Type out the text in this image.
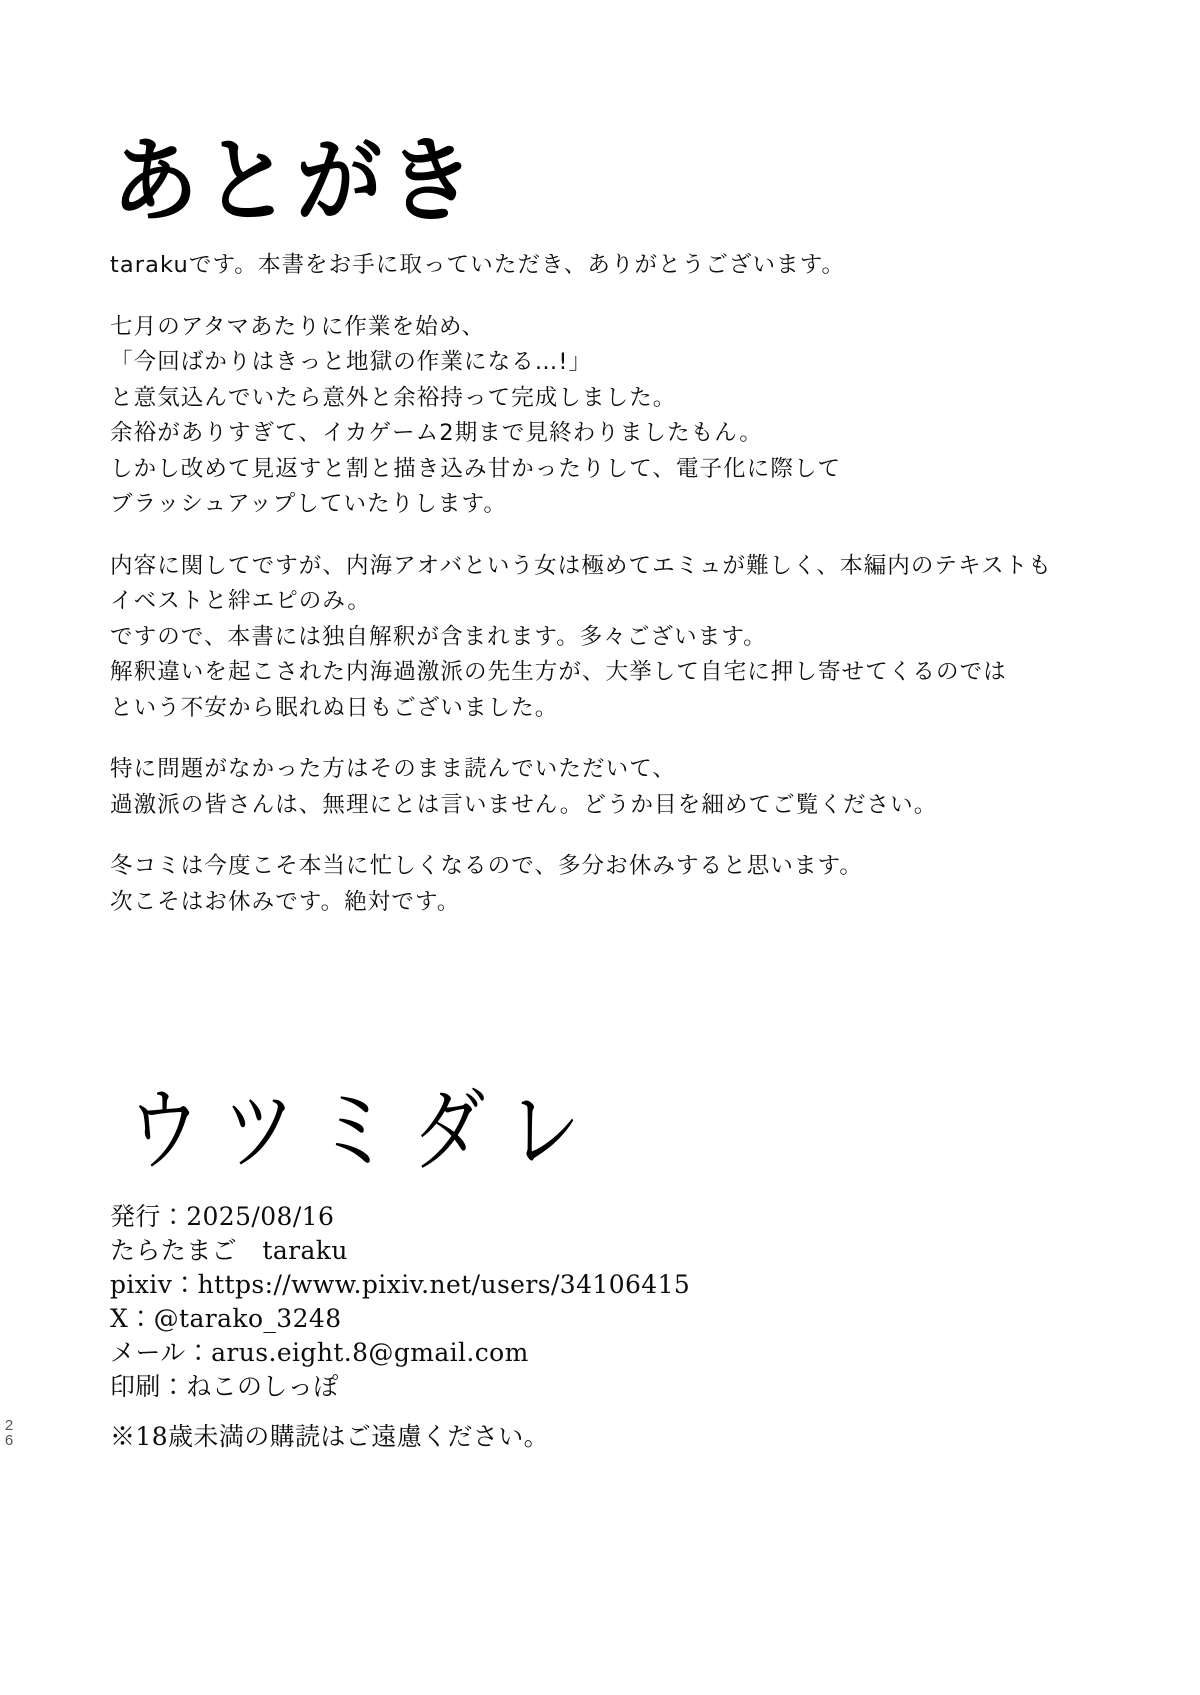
26
あとがき

tarakuです。本書をお手に取っていただき、ありがとうございます。

七月のアタマあたりに作業を始め、
「今回ばかりはきっと地獄の作業になる…!」
と意気込んでいたら意外と余裕持って完成しました。
余裕がありすぎて、イカゲーム2期まで見終わりましたもん。
しかし改めて見返すと割と描き込み甘かったりして、電子化に際して
ブラッシュアップしていたりします。

内容に関してですが、内海アオバという女は極めてエミュが難しく、本編内のテキストも
イベストと絆エピのみ。
ですので、本書には独自解釈が含まれます。多々ございます。
解釈違いを起こされた内海過激派の先生方が、大挙して自宅に押し寄せてくるのでは
という不安から眠れぬ日もございました。

特に問題がなかった方はそのまま読んでいただいて、
過激派の皆さんは、無理にとは言いません。どうか目を細めてご覧ください。

冬コミは今度こそ本当に忙しくなるので、多分お休みすると思います。
次こそはお休みです。絶対です。

ウツミダレ
発行：2025/08/16
たらたまご　taraku
pixiv：https://www.pixiv.net/users/34106415
X：@tarako_3248
メール：arus.eight.8@gmail.com
印刷：ねこのしっぽ
※18歳未満の購読はご遠慮ください。
